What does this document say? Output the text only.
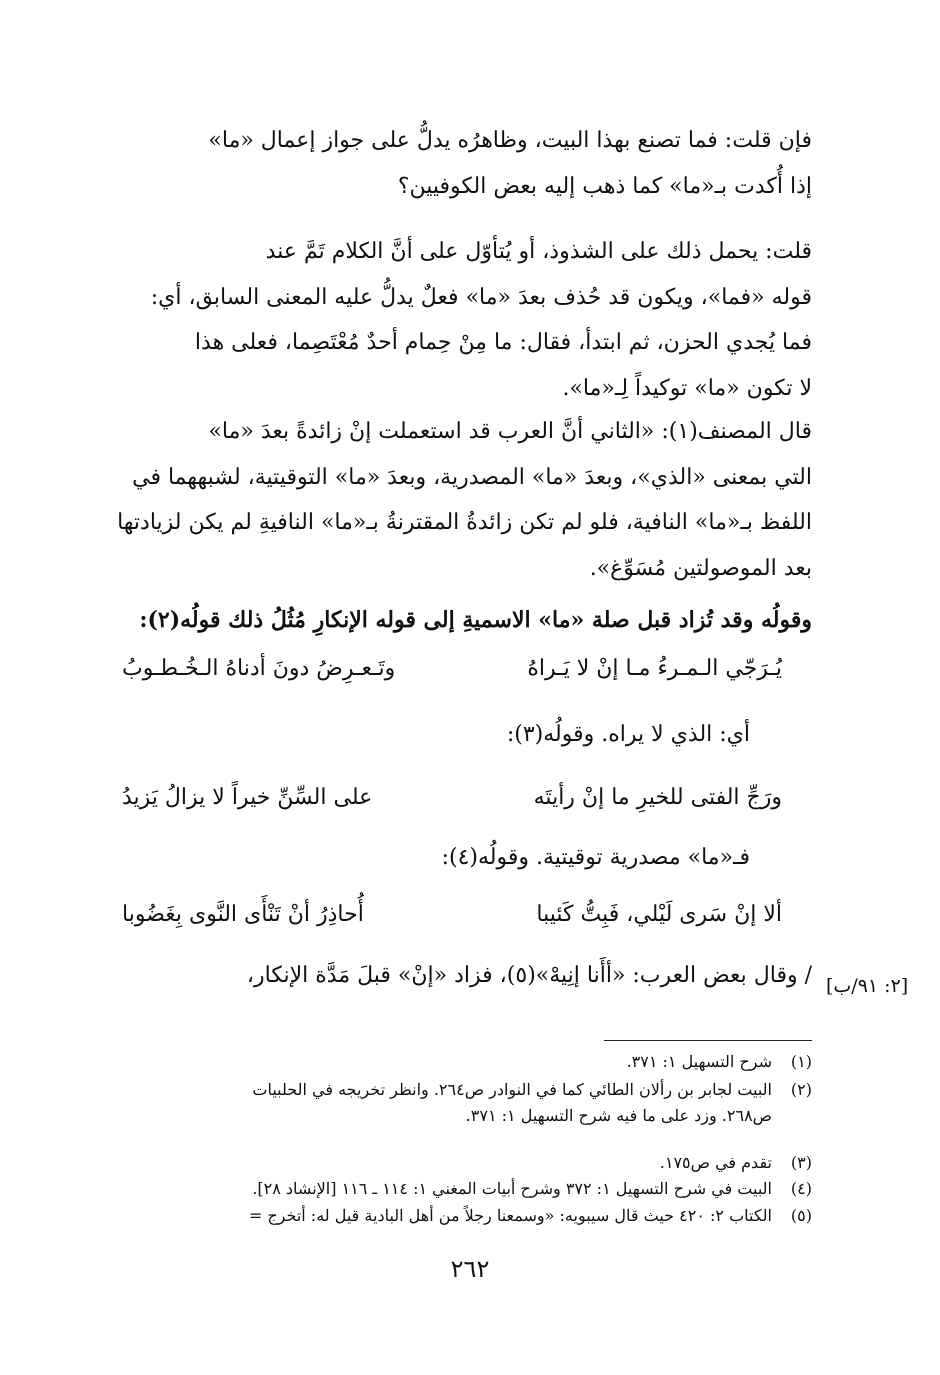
فإن قلت: فما تصنع بهذا البيت، وظاهرُه يدلُّ على جواز إعمال «ما»
إذا أُكدت بـ«ما» كما ذهب إليه بعض الكوفيين؟

قلت: يحمل ذلك على الشذوذ، أو يُتأوّل على أنَّ الكلام تَمَّ عند
قوله «فما»، ويكون قد حُذف بعدَ «ما» فعلٌ يدلُّ عليه المعنى السابق، أي:
فما يُجدي الحزن، ثم ابتدأ، فقال: ما مِنْ حِمام أحدٌ مُعْتَصِما، فعلى هذا
لا تكون «ما» توكيداً لِـ«ما».

قال المصنف(١): «الثاني أنَّ العرب قد استعملت إنْ زائدةً بعدَ «ما»
التي بمعنى «الذي»، وبعدَ «ما» المصدرية، وبعدَ «ما» التوقيتية، لشبههما في
اللفظ بـ«ما» النافية، فلو لم تكن زائدةُ المقترنةُ بـ«ما» النافيةِ لم يكن لزيادتها
بعد الموصولتين مُسَوِّغ».

وقولُه وقد تُزاد قبل صلة «ما» الاسميةِ إلى قوله الإنكارِ مُثُلُ ذلك قولُه(٢):

يُـرَجّي الـمـرءُ مـا إنْ لا يَـراهُ
وتَـعـرِضُ دونَ أدناهُ الـخُـطـوبُ
أي: الذي لا يراه. وقولُه(٣):
ورَجِّ الفتى للخيرِ ما إنْ رأيتَه
على السِّنِّ خيراً لا يزالُ يَزيدُ
فـ«ما» مصدرية توقيتية. وقولُه(٤):
ألا إنْ سَرى لَيْلي، فَبِتُّ كَئيبا
أُحاذِرُ أنْ تَنْأَى النَّوى بِغَضُوبا
/ وقال بعض العرب: «أأَنا إنِيهْ»(٥)، فزاد «إنْ» قبلَ مَدَّة الإنكار، [٢: ٩١/ب]
(١)شرح التسهيل ١: ٣٧١.
(٢)البيت لجابر بن رألان الطائي كما في النوادر ص٢٦٤. وانظر تخريجه في الحلبيات
ص٢٦٨. وزد على ما فيه شرح التسهيل ١: ٣٧١.
(٣)تقدم في ص١٧٥.
(٤)البيت في شرح التسهيل ١: ٣٧٢ وشرح أبيات المغني ١: ١١٤ ـ ١١٦ [الإنشاد ٢٨].
(٥)الكتاب ٢: ٤٢٠ حيث قال سيبويه: «وسمعنا رجلاً من أهل البادية قيل له: أتخرج =
٢٦٢
